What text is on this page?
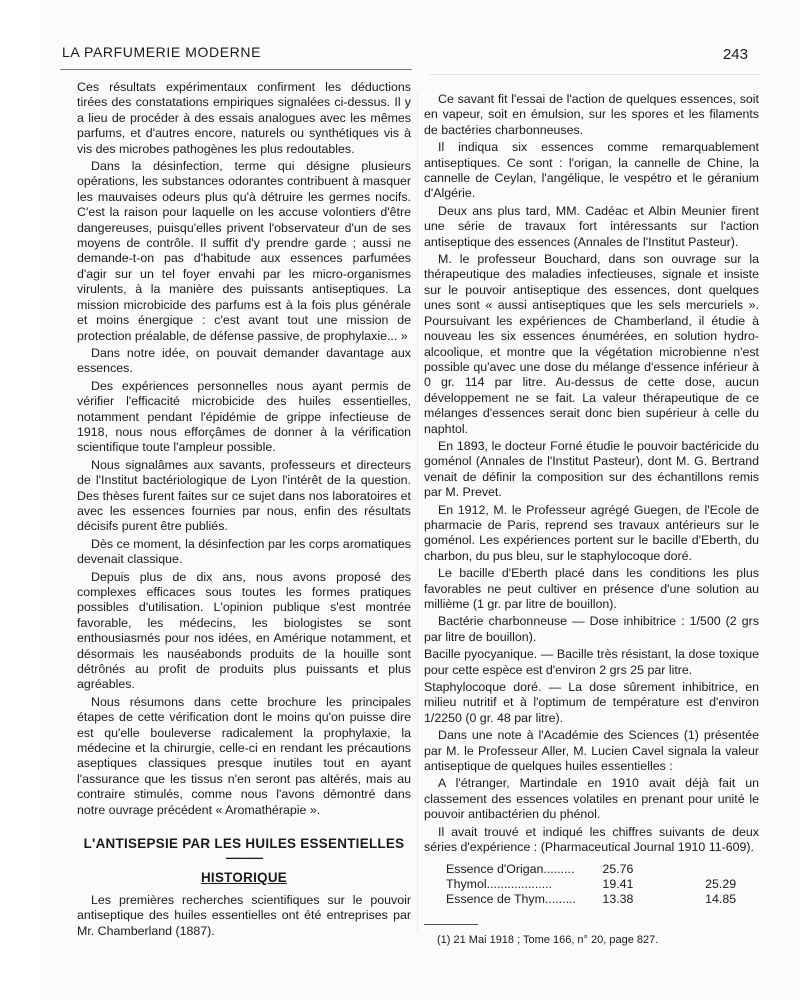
LA PARFUMERIE MODERNE	243

Ces résultats expérimentaux confirment les déductions tirées des constatations empiriques signalées ci-dessus. Il y a lieu de procéder à des essais analogues avec les mêmes parfums, et d'autres encore, naturels ou synthétiques vis à vis des microbes pathogènes les plus redoutables.

Dans la désinfection, terme qui désigne plusieurs opérations, les substances odorantes contribuent à masquer les mauvaises odeurs plus qu'à détruire les germes nocifs. C'est la raison pour laquelle on les accuse volontiers d'être dangereuses, puisqu'elles privent l'observateur d'un de ses moyens de contrôle. Il suffit d'y prendre garde ; aussi ne demande-t-on pas d'habitude aux essences parfumées d'agir sur un tel foyer envahi par les micro-organismes virulents, à la manière des puissants antiseptiques. La mission microbicide des parfums est à la fois plus générale et moins énergique : c'est avant tout une mission de protection préalable, de défense passive, de prophylaxie... »

Dans notre idée, on pouvait demander davantage aux essences.

Des expériences personnelles nous ayant permis de vérifier l'efficacité microbicide des huiles essentielles, notamment pendant l'épidémie de grippe infectieuse de 1918, nous nous efforçâmes de donner à la vérification scientifique toute l'ampleur possible.

Nous signalâmes aux savants, professeurs et directeurs de l'Institut bactériologique de Lyon l'intérêt de la question. Des thèses furent faites sur ce sujet dans nos laboratoires et avec les essences fournies par nous, enfin des résultats décisifs purent être publiés.

Dès ce moment, la désinfection par les corps aromatiques devenait classique.

Depuis plus de dix ans, nous avons proposé des complexes efficaces sous toutes les formes pratiques possibles d'utilisation. L'opinion publique s'est montrée favorable, les médecins, les biologistes se sont enthousiasmés pour nos idées, en Amérique notamment, et désormais les nauséabonds produits de la houille sont détrônés au profit de produits plus puissants et plus agréables.

Nous résumons dans cette brochure les principales étapes de cette vérification dont le moins qu'on puisse dire est qu'elle bouleverse radicalement la prophylaxie, la médecine et la chirurgie, celle-ci en rendant les précautions aseptiques classiques presque inutiles tout en ayant l'assurance que les tissus n'en seront pas altérés, mais au contraire stimulés, comme nous l'avons démontré dans notre ouvrage précédent « Aromathérapie ».

L'ANTISEPSIE PAR LES HUILES ESSENTIELLES
———
HISTORIQUE

Les premières recherches scientifiques sur le pouvoir antiseptique des huiles essentielles ont été entreprises par Mr. Chamberland (1887).

Ce savant fit l'essai de l'action de quelques essences, soit en vapeur, soit en émulsion, sur les spores et les filaments de bactéries charbonneuses.

Il indiqua six essences comme remarquablement antiseptiques. Ce sont : l'origan, la cannelle de Chine, la cannelle de Ceylan, l'angélique, le vespétro et le géranium d'Algérie.

Deux ans plus tard, MM. Cadéac et Albin Meunier firent une série de travaux fort intéressants sur l'action antiseptique des essences (Annales de l'Institut Pasteur).

M. le professeur Bouchard, dans son ouvrage sur la thérapeutique des maladies infectieuses, signale et insiste sur le pouvoir antiseptique des essences, dont quelques unes sont « aussi antiseptiques que les sels mercuriels ». Poursuivant les expériences de Chamberland, il étudie à nouveau les six essences énumérées, en solution hydro-alcoolique, et montre que la végétation microbienne n'est possible qu'avec une dose du mélange d'essence inférieur à 0 gr. 114 par litre. Au-dessus de cette dose, aucun développement ne se fait. La valeur thérapeutique de ce mélanges d'essences serait donc bien supérieur à celle du naphtol.

En 1893, le docteur Forné étudie le pouvoir bactéricide du goménol (Annales de l'Institut Pasteur), dont M. G. Bertrand venait de définir la composition sur des échantillons remis par M. Prevet.

En 1912, M. le Professeur agrégé Guegen, de l'Ecole de pharmacie de Paris, reprend ses travaux antérieurs sur le goménol. Les expériences portent sur le bacille d'Eberth, du charbon, du pus bleu, sur le staphylocoque doré.

Le bacille d'Eberth placé dans les conditions les plus favorables ne peut cultiver en présence d'une solution au millième (1 gr. par litre de bouillon).

Bactérie charbonneuse — Dose inhibitrice : 1/500 (2 grs par litre de bouillon).

Bacille pyocyanique. — Bacille très résistant, la dose toxique pour cette espèce est d'environ 2 grs 25 par litre.

Staphylocoque doré. — La dose sûrement inhibitrice, en milieu nutritif et à l'optimum de température est d'environ 1/2250 (0 gr. 48 par litre).

Dans une note à l'Académie des Sciences (1) présentée par M. le Professeur Aller, M. Lucien Cavel signala la valeur antiseptique de quelques huiles essentielles :

A l'étranger, Martindale en 1910 avait déjà fait un classement des essences volatiles en prenant pour unité le pouvoir antibactérien du phénol.

Il avait trouvé et indiqué les chiffres suivants de deux séries d'expérience : (Pharmaceutical Journal 1910 11-609).

Essence d'Origan.........	25.76	
Thymol...................	19.41	25.29
Essence de Thym.........	13.38	14.85
(1) 21 Mai 1918 ; Tome 166, n° 20, page 827.
